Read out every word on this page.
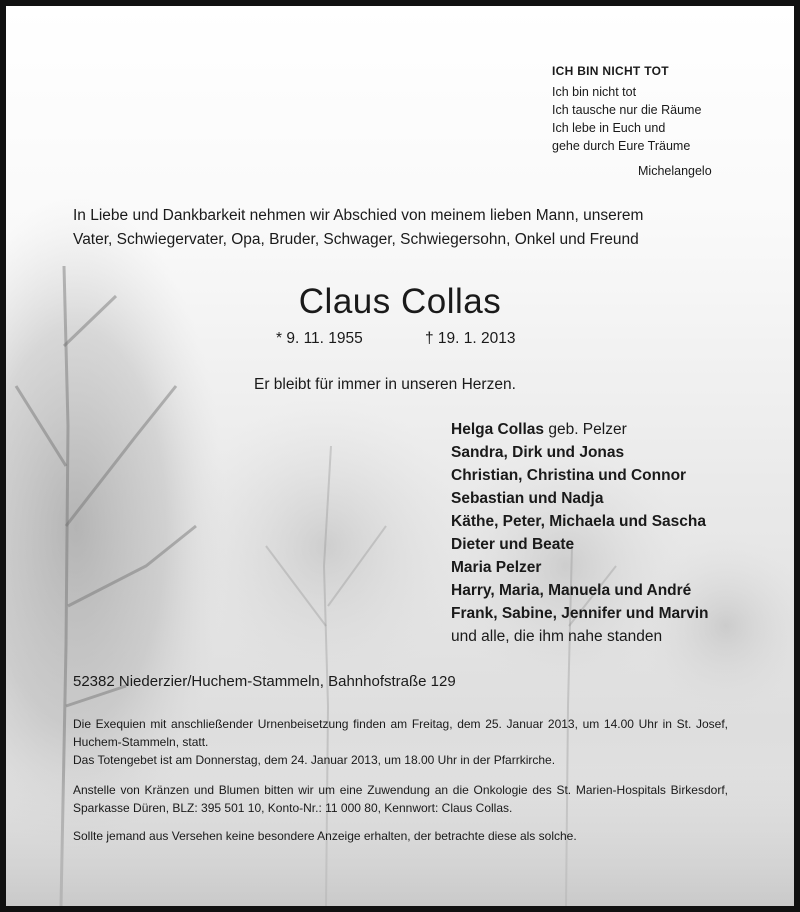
ICH BIN NICHT TOT
Ich bin nicht tot
Ich tausche nur die Räume
Ich lebe in Euch und
gehe durch Eure Träume
Michelangelo
In Liebe und Dankbarkeit nehmen wir Abschied von meinem lieben Mann, unserem
Vater, Schwiegervater, Opa, Bruder, Schwager, Schwiegersohn, Onkel und Freund
Claus Collas
* 9. 11. 1955	† 19. 1. 2013
Er bleibt für immer in unseren Herzen.
Helga Collas geb. Pelzer
Sandra, Dirk und Jonas
Christian, Christina und Connor
Sebastian und Nadja
Käthe, Peter, Michaela und Sascha
Dieter und Beate
Maria Pelzer
Harry, Maria, Manuela und André
Frank, Sabine, Jennifer und Marvin
und alle, die ihm nahe standen
52382 Niederzier/Huchem-Stammeln, Bahnhofstraße 129
Die Exequien mit anschließender Urnenbeisetzung finden am Freitag, dem 25. Januar 2013, um 14.00 Uhr in St. Josef, Huchem-Stammeln, statt.
Das Totengebet ist am Donnerstag, dem 24. Januar 2013, um 18.00 Uhr in der Pfarrkirche.
Anstelle von Kränzen und Blumen bitten wir um eine Zuwendung an die Onkologie des St. Marien-Hospitals Birkesdorf, Sparkasse Düren, BLZ: 395 501 10, Konto-Nr.: 11 000 80, Kennwort: Claus Collas.
Sollte jemand aus Versehen keine besondere Anzeige erhalten, der betrachte diese als solche.
